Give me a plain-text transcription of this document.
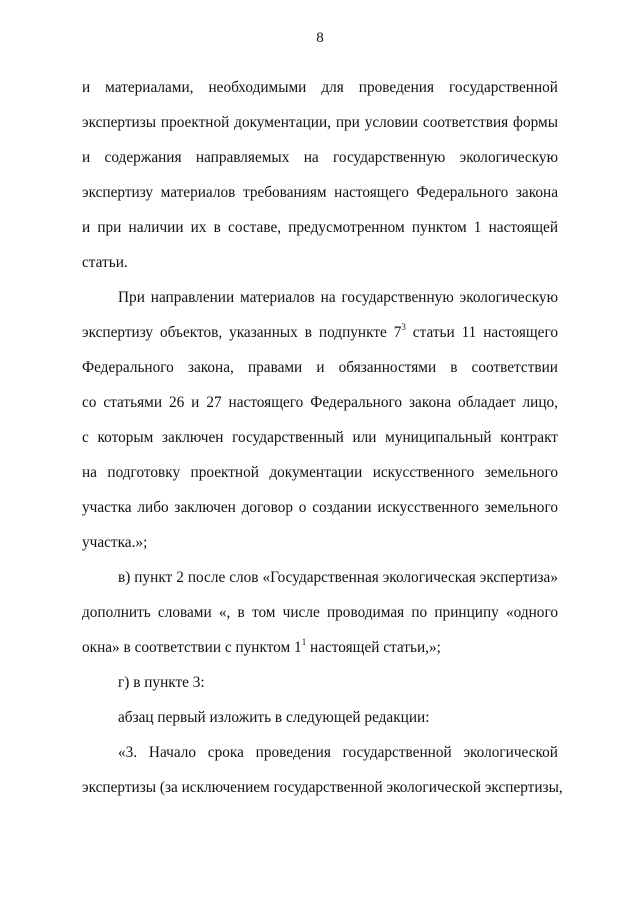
8
и материалами, необходимыми для проведения государственной
экспертизы проектной документации, при условии соответствия формы
и содержания направляемых на государственную экологическую
экспертизу материалов требованиям настоящего Федерального закона
и при наличии их в составе, предусмотренном пунктом 1 настоящей
статьи.
При направлении материалов на государственную экологическую
экспертизу объектов, указанных в подпункте $7^3$ статьи 11 настоящего
Федерального закона, правами и обязанностями в соответствии
со статьями 26 и 27 настоящего Федерального закона обладает лицо,
с которым заключен государственный или муниципальный контракт
на подготовку проектной документации искусственного земельного
участка либо заключен договор о создании искусственного земельного
участка.»;
в) пункт 2 после слов «Государственная экологическая экспертиза»
дополнить словами «, в том числе проводимая по принципу «одного
окна» в соответствии с пунктом $1^1$ настоящей статьи,»;
г) в пункте 3:
абзац первый изложить в следующей редакции:
«3. Начало срока проведения государственной экологической
экспертизы (за исключением государственной экологической экспертизы,
